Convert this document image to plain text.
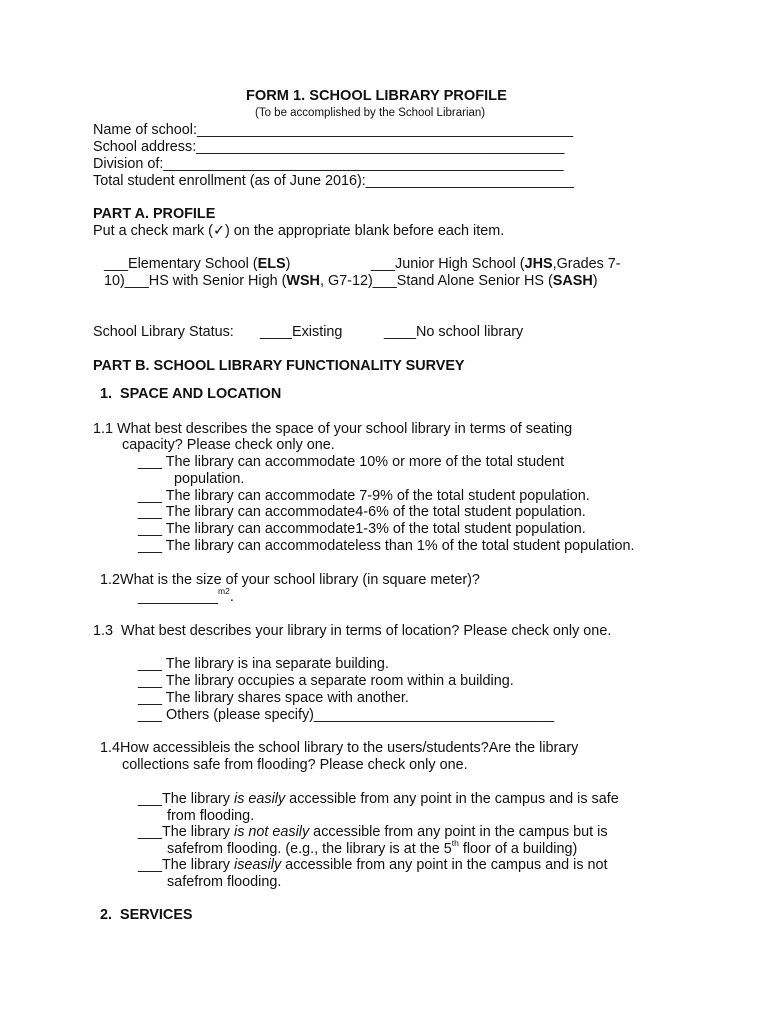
FORM 1. SCHOOL LIBRARY PROFILE
(To be accomplished by the School Librarian)
Name of school:_______________________________________________
School address:______________________________________________
Division of:__________________________________________________
Total student enrollment (as of June 2016):__________________________
PART A. PROFILE
Put a check mark (✓) on the appropriate blank before each item.
___Elementary School (ELS)	___Junior High School (JHS,Grades 7-
10)___HS with Senior High (WSH, G7-12)___Stand Alone Senior HS (SASH)
School Library Status: ____Existing	____No school library
PART B. SCHOOL LIBRARY FUNCTIONALITY SURVEY
1.  SPACE AND LOCATION
1.1 What best describes the space of your school library in terms of seating
capacity? Please check only one.
___ The library can accommodate 10% or more of the total student
population.
___ The library can accommodate 7-9% of the total student population.
___ The library can accommodate4-6% of the total student population.
___ The library can accommodate1-3% of the total student population.
___ The library can accommodateless than 1% of the total student population.
1.2What is the size of your school library (in square meter)?
__________$^{m2}$.
1.3  What best describes your library in terms of location? Please check only one.
___ The library is ina separate building.
___ The library occupies a separate room within a building.
___ The library shares space with another.
___ Others (please specify)______________________________
1.4How accessibleis the school library to the users/students?Are the library
collections safe from flooding? Please check only one.
___The library is easily accessible from any point in the campus and is safe
from flooding.
___The library is not easily accessible from any point in the campus but is
safefrom flooding. (e.g., the library is at the 5th floor of a building)
___The library iseasily accessible from any point in the campus and is not
safefrom flooding.
2.  SERVICES
